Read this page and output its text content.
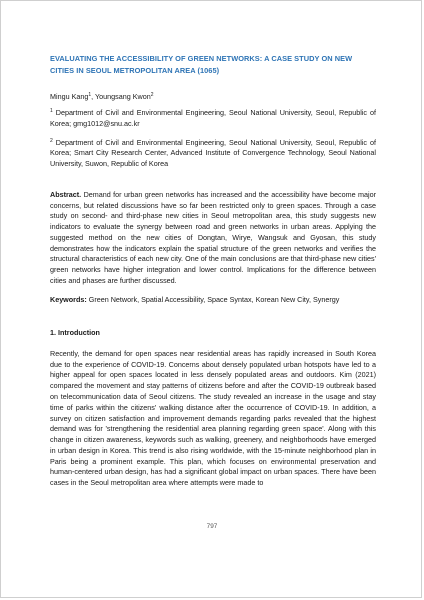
EVALUATING THE ACCESSIBILITY OF GREEN NETWORKS: A CASE STUDY ON NEW CITIES IN SEOUL METROPOLITAN AREA (1065)

Mingu Kang$^1$, Youngsang Kwon$^2$

$^1$ Department of Civil and Environmental Engineering, Seoul National University, Seoul, Republic of Korea; gmg1012@snu.ac.kr

$^2$ Department of Civil and Environmental Engineering, Seoul National University, Seoul, Republic of Korea; Smart City Research Center, Advanced Institute of Convergence Technology, Seoul National University, Suwon, Republic of Korea

Abstract. Demand for urban green networks has increased and the accessibility have become major concerns, but related discussions have so far been restricted only to green spaces. Through a case study on second- and third-phase new cities in Seoul metropolitan area, this study suggests new indicators to evaluate the synergy between road and green networks in urban areas. Applying the suggested method on the new cities of Dongtan, Wirye, Wangsuk and Gyosan, this study demonstrates how the indicators explain the spatial structure of the green networks and verifies the structural characteristics of each new city. One of the main conclusions are that third-phase new cities' green networks have higher integration and lower control. Implications for the difference between cities and phases are further discussed.

Keywords: Green Network, Spatial Accessibility, Space Syntax, Korean New City, Synergy

1. Introduction

Recently, the demand for open spaces near residential areas has rapidly increased in South Korea due to the experience of COVID-19. Concerns about densely populated urban hotspots have led to a higher appeal for open spaces located in less densely populated areas and outdoors. Kim (2021) compared the movement and stay patterns of citizens before and after the COVID-19 outbreak based on telecommunication data of Seoul citizens. The study revealed an increase in the usage and stay time of parks within the citizens' walking distance after the occurrence of COVID-19. In addition, a survey on citizen satisfaction and improvement demands regarding parks revealed that the highest demand was for 'strengthening the residential area planning regarding green space'. Along with this change in citizen awareness, keywords such as walking, greenery, and neighborhoods have emerged in urban design in Korea. This trend is also rising worldwide, with the 15-minute neighborhood plan in Paris being a prominent example. This plan, which focuses on environmental preservation and human-centered urban design, has had a significant global impact on urban spaces. There have been cases in the Seoul metropolitan area where attempts were made to

797
